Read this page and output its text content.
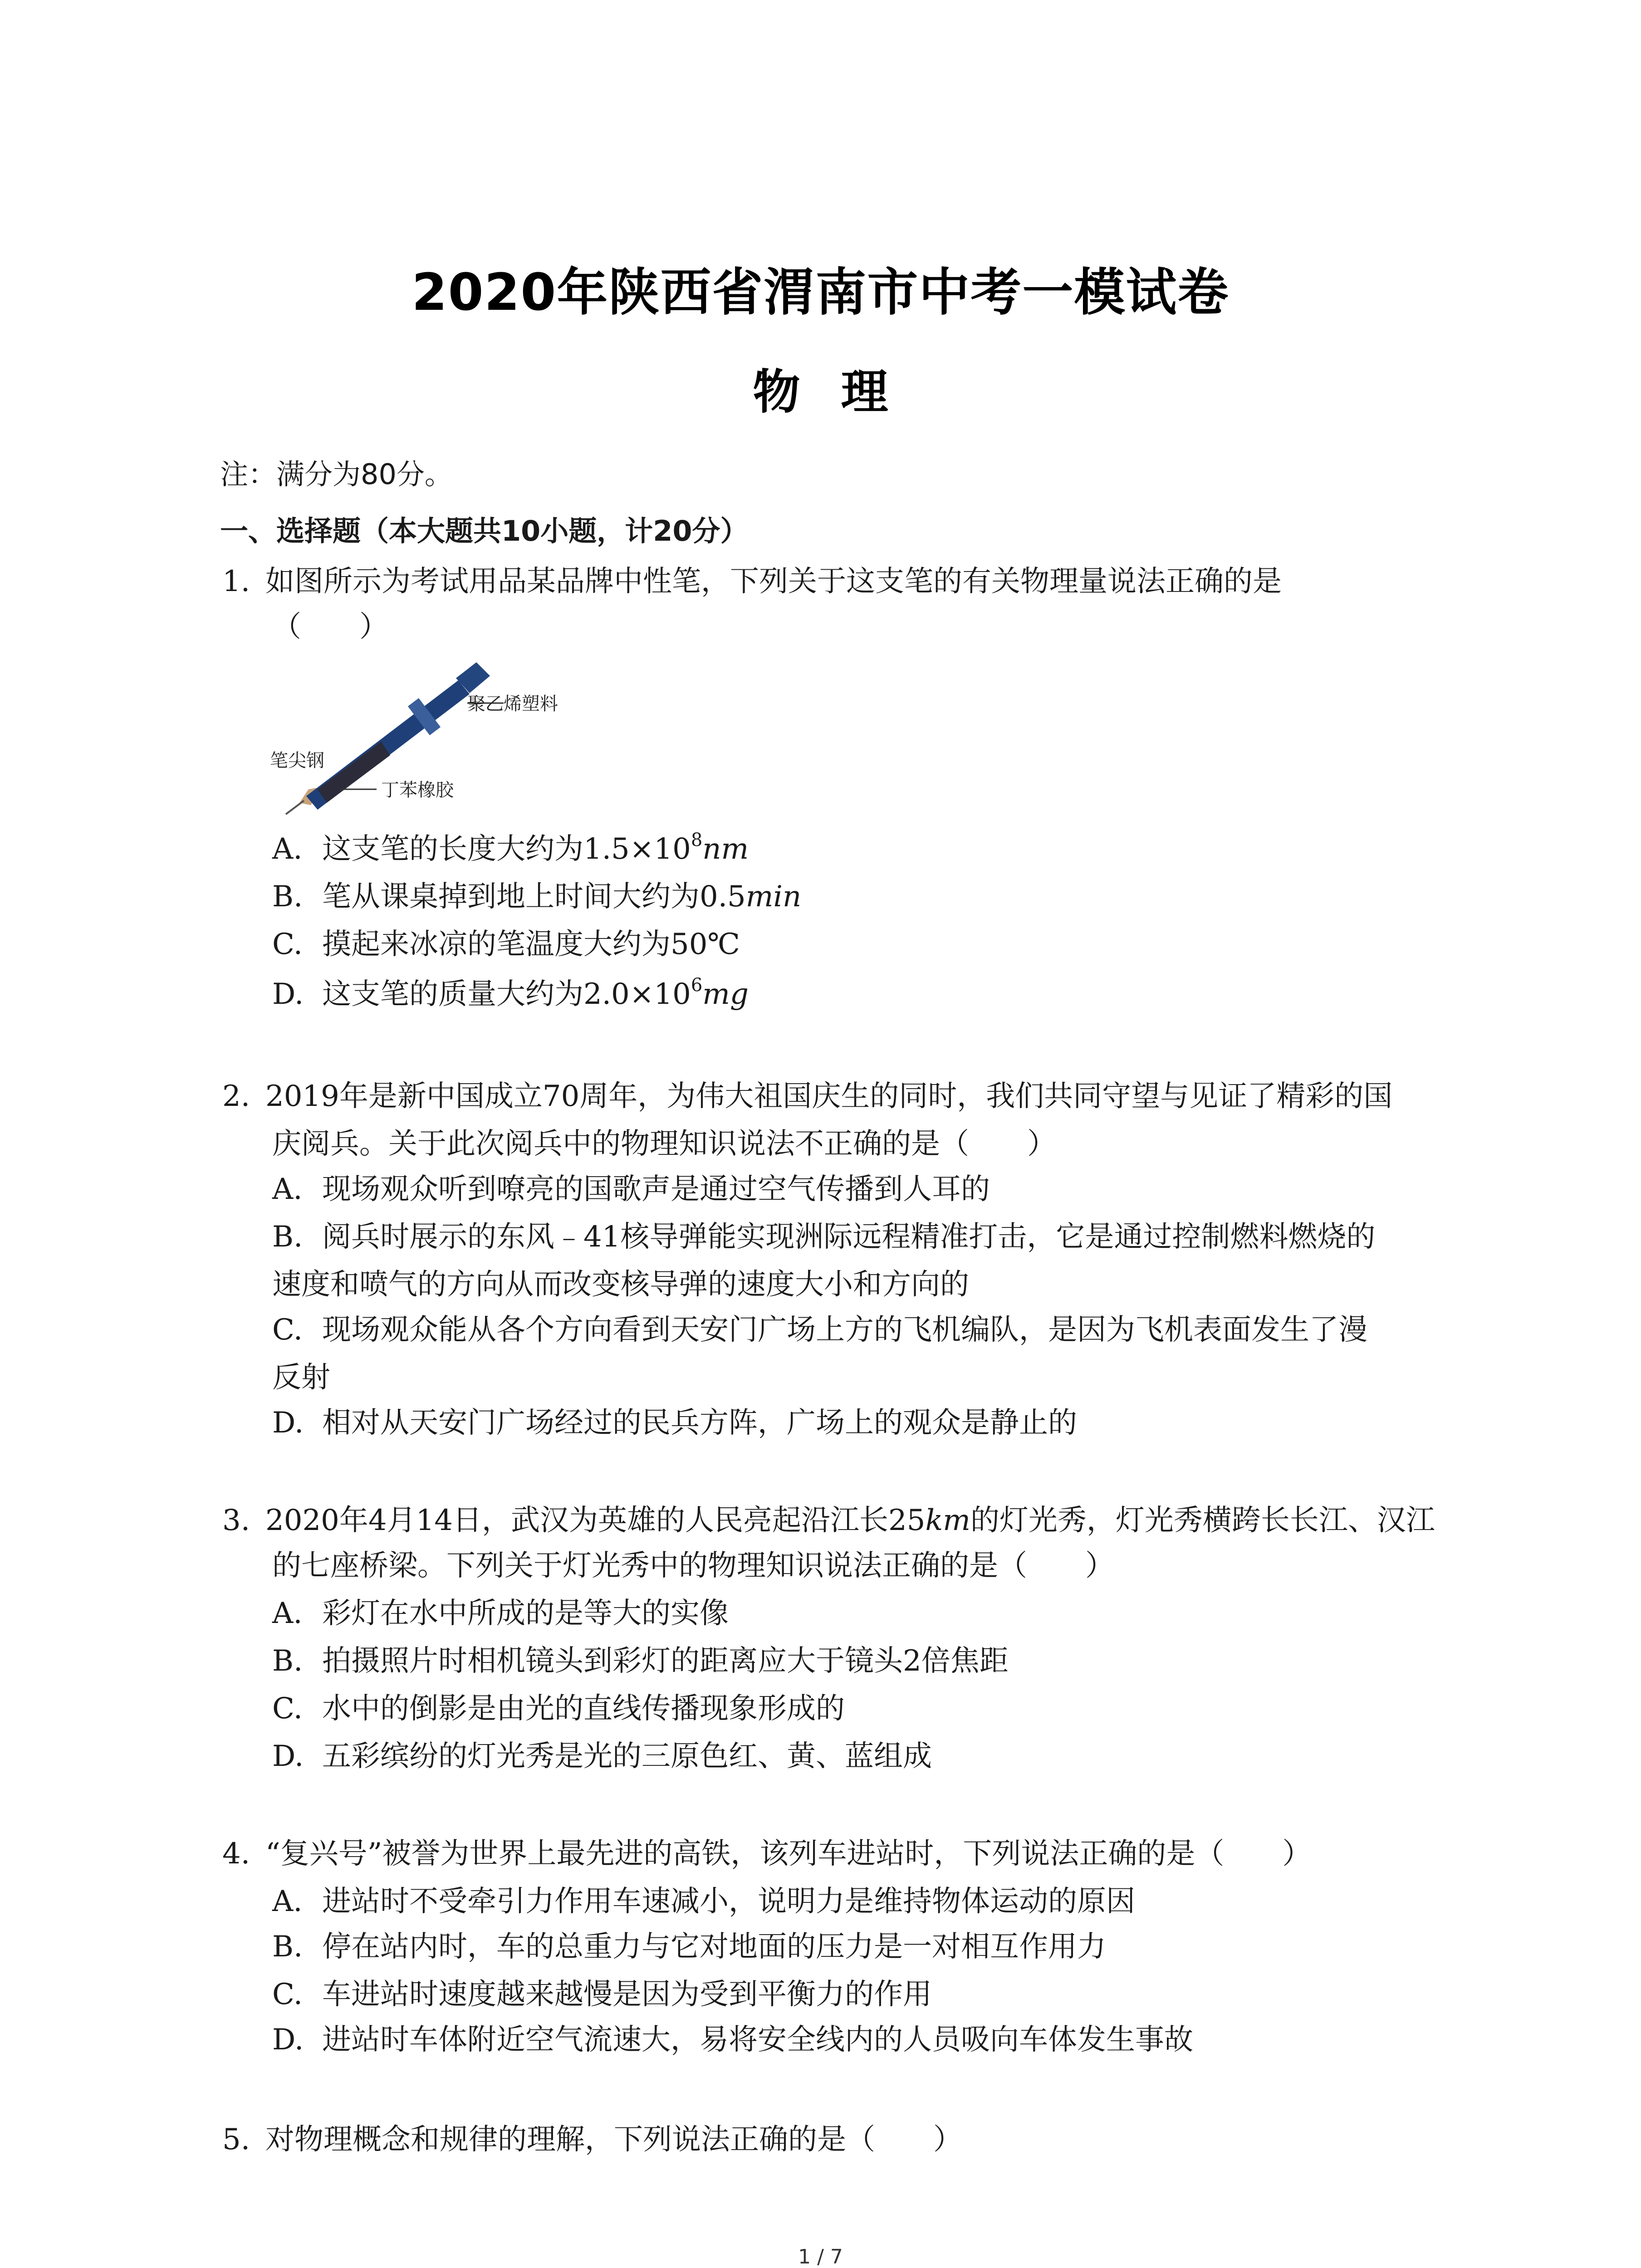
2020年陕西省渭南市中考一模试卷
物理
注：满分为80分。
一、选择题（本大题共10小题，计20分）
1. 如图所示为考试用品某品牌中性笔，下列关于这支笔的有关物理量说法正确的是
（　　）
聚乙烯塑料
笔尖钢
丁苯橡胶
A. 这支笔的长度大约为$1.5\times 10^8nm$
B. 笔从课桌掉到地上时间大约为0.5min
C. 摸起来冰凉的笔温度大约为50℃
D. 这支笔的质量大约为$2.0\times 10^6mg$
2. 2019年是新中国成立70周年，为伟大祖国庆生的同时，我们共同守望与见证了精彩的国
庆阅兵。关于此次阅兵中的物理知识说法不正确的是（　　）
A. 现场观众听到嘹亮的国歌声是通过空气传播到人耳的
B. 阅兵时展示的东风﹣41核导弹能实现洲际远程精准打击，它是通过控制燃料燃烧的
速度和喷气的方向从而改变核导弹的速度大小和方向的
C. 现场观众能从各个方向看到天安门广场上方的飞机编队，是因为飞机表面发生了漫
反射
D. 相对从天安门广场经过的民兵方阵，广场上的观众是静止的
3. 2020年4月14日，武汉为英雄的人民亮起沿江长25km的灯光秀，灯光秀横跨长长江、汉江
的七座桥梁。下列关于灯光秀中的物理知识说法正确的是（　　）
A. 彩灯在水中所成的是等大的实像
B. 拍摄照片时相机镜头到彩灯的距离应大于镜头2倍焦距
C. 水中的倒影是由光的直线传播现象形成的
D. 五彩缤纷的灯光秀是光的三原色红、黄、蓝组成
4. “复兴号”被誉为世界上最先进的高铁，该列车进站时，下列说法正确的是（　　）
A. 进站时不受牵引力作用车速减小，说明力是维持物体运动的原因
B. 停在站内时，车的总重力与它对地面的压力是一对相互作用力
C. 车进站时速度越来越慢是因为受到平衡力的作用
D. 进站时车体附近空气流速大，易将安全线内的人员吸向车体发生事故
5. 对物理概念和规律的理解，下列说法正确的是（　　）
1 / 7
